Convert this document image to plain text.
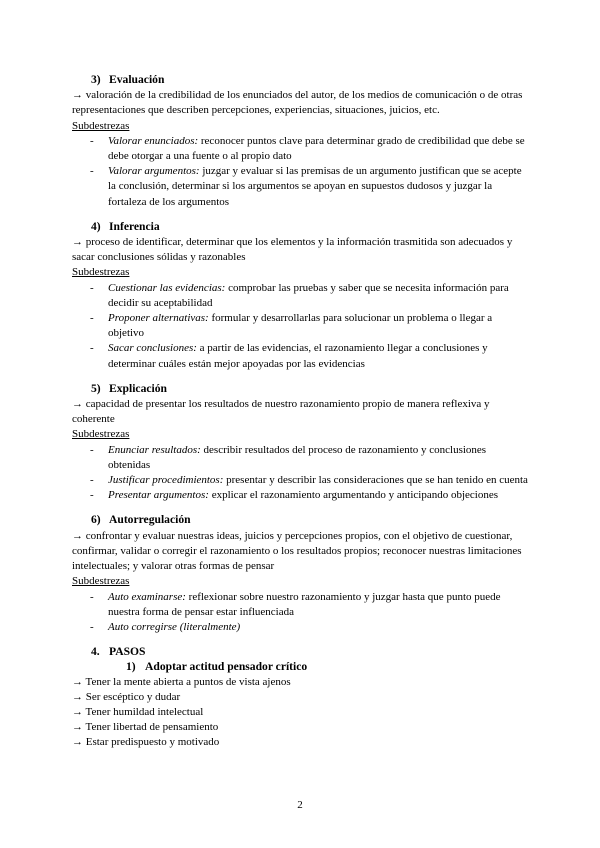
3) Evaluación

→ valoración de la credibilidad de los enunciados del autor, de los medios de comunicación o de otras representaciones que describen percepciones, experiencias, situaciones, juicios, etc.

Subdestrezas
- Valorar enunciados: reconocer puntos clave para determinar grado de credibilidad que debe se debe otorgar a una fuente o al propio dato
- Valorar argumentos: juzgar y evaluar si las premisas de un argumento justifican que se acepte la conclusión, determinar si los argumentos se apoyan en supuestos dudosos y juzgar la fortaleza de los argumentos
4) Inferencia

→ proceso de identificar, determinar que los elementos y la información trasmitida son adecuados y sacar conclusiones sólidas y razonables

Subdestrezas
- Cuestionar las evidencias: comprobar las pruebas y saber que se necesita información para decidir su aceptabilidad
- Proponer alternativas: formular y desarrollarlas para solucionar un problema o llegar a objetivo
- Sacar conclusiones: a partir de las evidencias, el razonamiento llegar a conclusiones y determinar cuáles están mejor apoyadas por las evidencias
5) Explicación

→ capacidad de presentar los resultados de nuestro razonamiento propio de manera reflexiva y coherente

Subdestrezas
- Enunciar resultados: describir resultados del proceso de razonamiento y conclusiones obtenidas
- Justificar procedimientos: presentar y describir las consideraciones que se han tenido en cuenta
- Presentar argumentos: explicar el razonamiento argumentando y anticipando objeciones
6) Autorregulación

→ confrontar y evaluar nuestras ideas, juicios y percepciones propios, con el objetivo de cuestionar, confirmar, validar o corregir el razonamiento o los resultados propios; reconocer nuestras limitaciones intelectuales; y valorar otras formas de pensar

Subdestrezas
- Auto examinarse: reflexionar sobre nuestro razonamiento y juzgar hasta que punto puede nuestra forma de pensar estar influenciada
- Auto corregirse (literalmente)
4. PASOS
1) Adoptar actitud pensador crítico

→ Tener la mente abierta a puntos de vista ajenos

→ Ser escéptico y dudar

→ Tener humildad intelectual

→ Tener libertad de pensamiento

→ Estar predispuesto y motivado

2
